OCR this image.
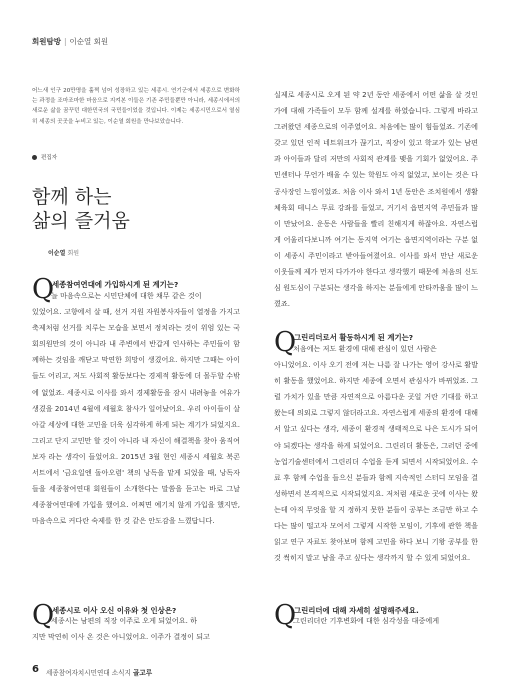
회원탐방 | 이순열 회원
어느새 인구 20만명을 훌쩍 넘어 성장하고 있는 세종시. 연기군에서 세종으로 변화하는 과정을 조마조마한 마음으로 지켜본 이들은 기존 주민들뿐만 아니라, 세종시에서의 새로운 삶을 꿈꾸던 대한민국의 국민들이었을 것입니다. 이제는 세종시민으로서 열심히 세종의 곳곳을 누비고 있는, 이순열 회원을 만나보았습니다.
편집자
함께 하는
삶의 즐거움
이순열 회원
Q
세종참여연대에 가입하시게 된 계기는?
늘 마음속으로는 시민단체에 대한 채무 같은 것이
있었어요. 고향에서 살 때, 선거 지원 자원봉사자들이 열정을 가지고 축제처럼 선거를 치루는 모습을 보면서 정치라는 것이 위엄 있는 국회의원만의 것이 아니라 내 주변에서 반갑게 인사하는 주민들이 함께하는 것임을 깨닫고 막연한 희망이 생겼어요. 하지만 그때는 아이들도 어리고, 저도 사회적 활동보다는 경제적 활동에 더 몰두할 수밖에 없었죠. 세종시로 이사를 와서 경제활동을 잠시 내려놓을 여유가 생겼을 2014년 4월에 세월호 참사가 일어났어요. 우리 아이들이 살아갈 세상에 대한 고민을 더욱 심각하게 하게 되는 계기가 되었지요. 그리고 단지 고민만 할 것이 아니라 내 자신이 해결책을 찾아 움직여보자 라는 생각이 들었어요. 2015년 3월 현인 세종시 세월호 북콘서트에서 '금요일엔 돌아오렴' 책의 낭독을 맡게 되었을 때, 낭독자들을 세종참여연대 회원들이 소개한다는 말씀을 듣고는 바로 그날 세종참여연대에 가입을 했어요. 어쩌면 예기치 않게 가입을 했지만, 마음속으로 커다란 숙제를 한 것 같은 안도감을 느꼈답니다.
Q
세종시로 이사 오신 이유와 첫 인상은?
세종시는 남편의 직장 이주로 오게 되었어요. 하
지만 막연히 이사 온 것은 아니었어요. 이주가 결정이 되고
실제로 세종시로 오게 된 약 2년 동안 세종에서 어떤 삶을 살 것인가에 대해 가족들이 모두 함께 설계를 하였습니다. 그렇게 바라고 그려왔던 세종으로의 이주였어요. 처음에는 많이 힘들었죠. 기존에 갖고 있던 인적 네트워크가 끊기고, 직장이 있고 학교가 있는 남편과 아이들과 달리 저만의 사회적 관계를 맺을 기회가 없었어요. 주민센터나 무언가 배울 수 있는 학원도 아직 없었고, 보이는 것은 다 공사장인 느낌이었죠. 처음 이사 와서 1년 동안은 조치원에서 생활체육회 테니스 무료 강좌를 들었고, 거기서 읍면지역 주민들과 많이 만났어요. 운동은 사람들을 빨리 친해지게 하잖아요. 자연스럽게 어울리다보니까 여기는 동지역 여기는 읍면지역이라는 구분 없이 세종시 주민이라고 받아들여졌어요. 이사를 와서 만난 새로운 이웃들께 제가 먼저 다가가야 한다고 생각했기 때문에 처음의 신도심 원도심이 구분되는 생각을 하지는 분들에게 안타까움을 많이 느꼈죠.
Q
그린리더로서 활동하시게 된 계기는?
처음에는 저도 환경에 대해 관심이 있던 사람은
아니었어요. 이사 오기 전에 저는 나름 잘 나가는 영어 강사로 활발히 활동을 했었어요. 하지만 세종에 오면서 관심사가 바뀌었죠. 그럴 가치가 있을 만큼 자연적으로 아름다운 곳일 거란 기대를 하고 왔는데 의외로 그렇지 않더라고요. 자연스럽게 세종의 환경에 대해서 알고 싶다는 생각, 세종이 환경적 생태적으로 나은 도시가 되어야 되겠다는 생각을 하게 되었어요. 그린리더 활동은, 그러던 중에 농업기술센터에서 그린리더 수업을 듣게 되면서 시작되었어요. 수료 후 함께 수업을 들으신 분들과 함께 지속적인 스터디 모임을 결성하면서 본격적으로 시작되었지요. 저처럼 새로운 곳에 이사는 왔는데 아직 무엇을 할 지 정하지 못한 분들이 공부는 조금만 하고 수다는 많이 떨고자 모여서 그렇게 시작한 모임이, 기후에 관한 책을 읽고 연구 자료도 찾아보며 함께 고민을 하다 보니 기왕 공부를 한 것 썩히지 말고 남을 주고 싶다는 생각까지 할 수 있게 되었어요.
Q
그린리더에 대해 자세히 설명해주세요.
그린리더란 기후변화에 대한 심각성을 대중에게
6 세종참여자치시민연대 소식지 골고루
